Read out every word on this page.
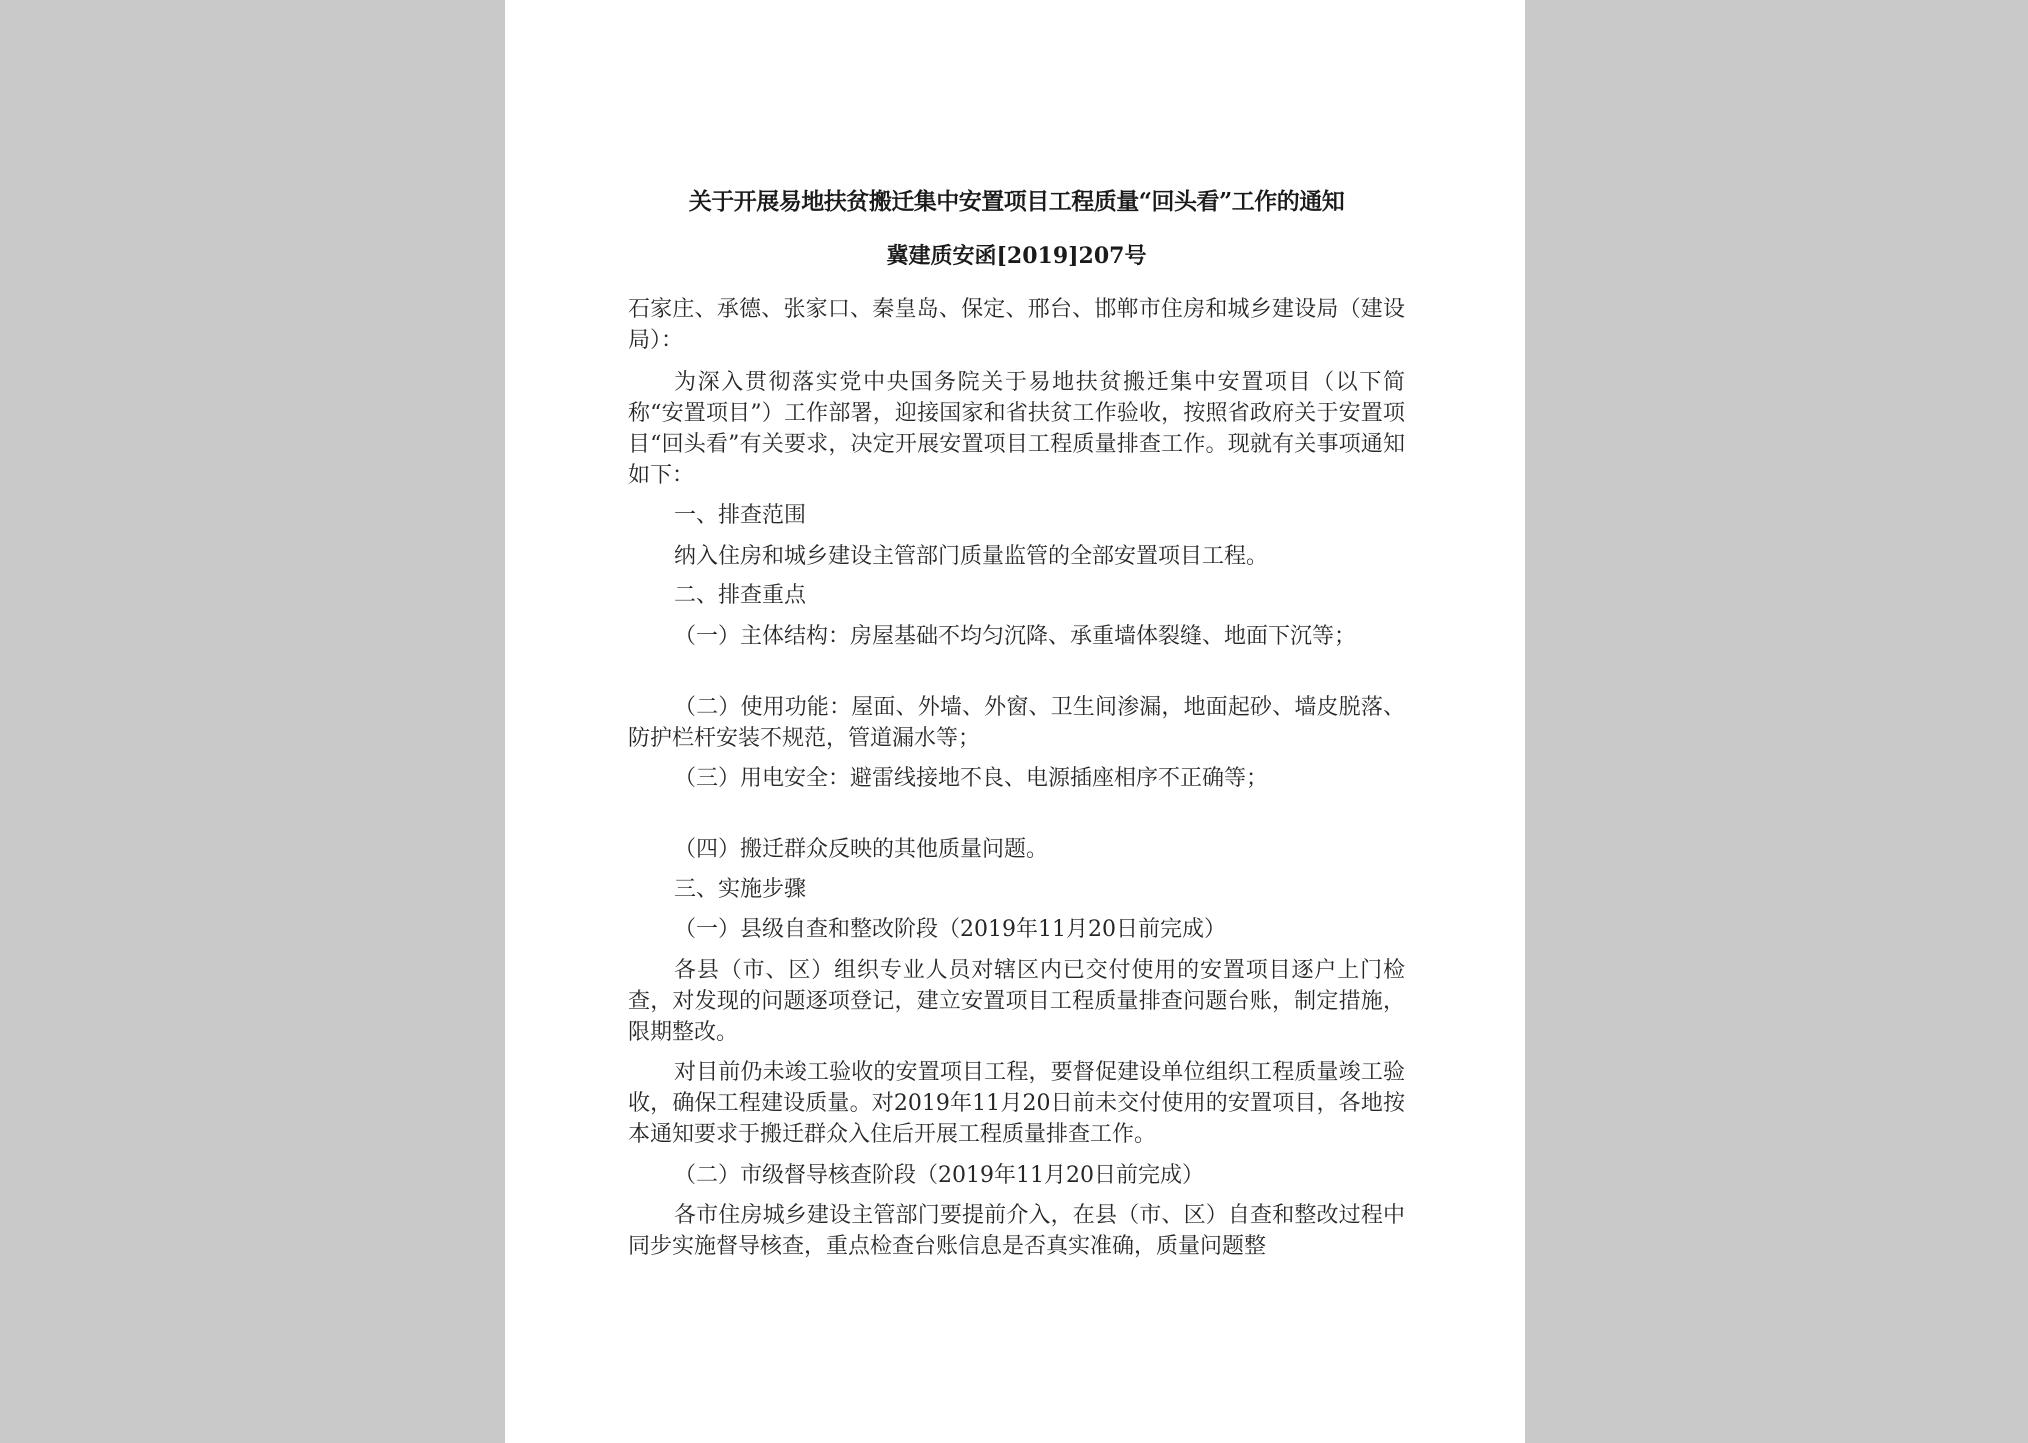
关于开展易地扶贫搬迁集中安置项目工程质量“回头看”工作的通知
冀建质安函[2019]207号
石家庄、承德、张家口、秦皇岛、保定、邢台、邯郸市住房和城乡建设局（建设局）：
为深入贯彻落实党中央国务院关于易地扶贫搬迁集中安置项目（以下简称“安置项目”）工作部署，迎接国家和省扶贫工作验收，按照省政府关于安置项目“回头看”有关要求，决定开展安置项目工程质量排查工作。现就有关事项通知如下：
一、排查范围
纳入住房和城乡建设主管部门质量监管的全部安置项目工程。
二、排查重点
（一）主体结构：房屋基础不均匀沉降、承重墙体裂缝、地面下沉等；
（二）使用功能：屋面、外墙、外窗、卫生间渗漏，地面起砂、墙皮脱落、防护栏杆安装不规范，管道漏水等；
（三）用电安全：避雷线接地不良、电源插座相序不正确等；
（四）搬迁群众反映的其他质量问题。
三、实施步骤
（一）县级自查和整改阶段（2019年11月20日前完成）
各县（市、区）组织专业人员对辖区内已交付使用的安置项目逐户上门检查，对发现的问题逐项登记，建立安置项目工程质量排查问题台账，制定措施，限期整改。
对目前仍未竣工验收的安置项目工程，要督促建设单位组织工程质量竣工验收，确保工程建设质量。对2019年11月20日前未交付使用的安置项目，各地按本通知要求于搬迁群众入住后开展工程质量排查工作。
（二）市级督导核查阶段（2019年11月20日前完成）
各市住房城乡建设主管部门要提前介入，在县（市、区）自查和整改过程中同步实施督导核查，重点检查台账信息是否真实准确，质量问题整
